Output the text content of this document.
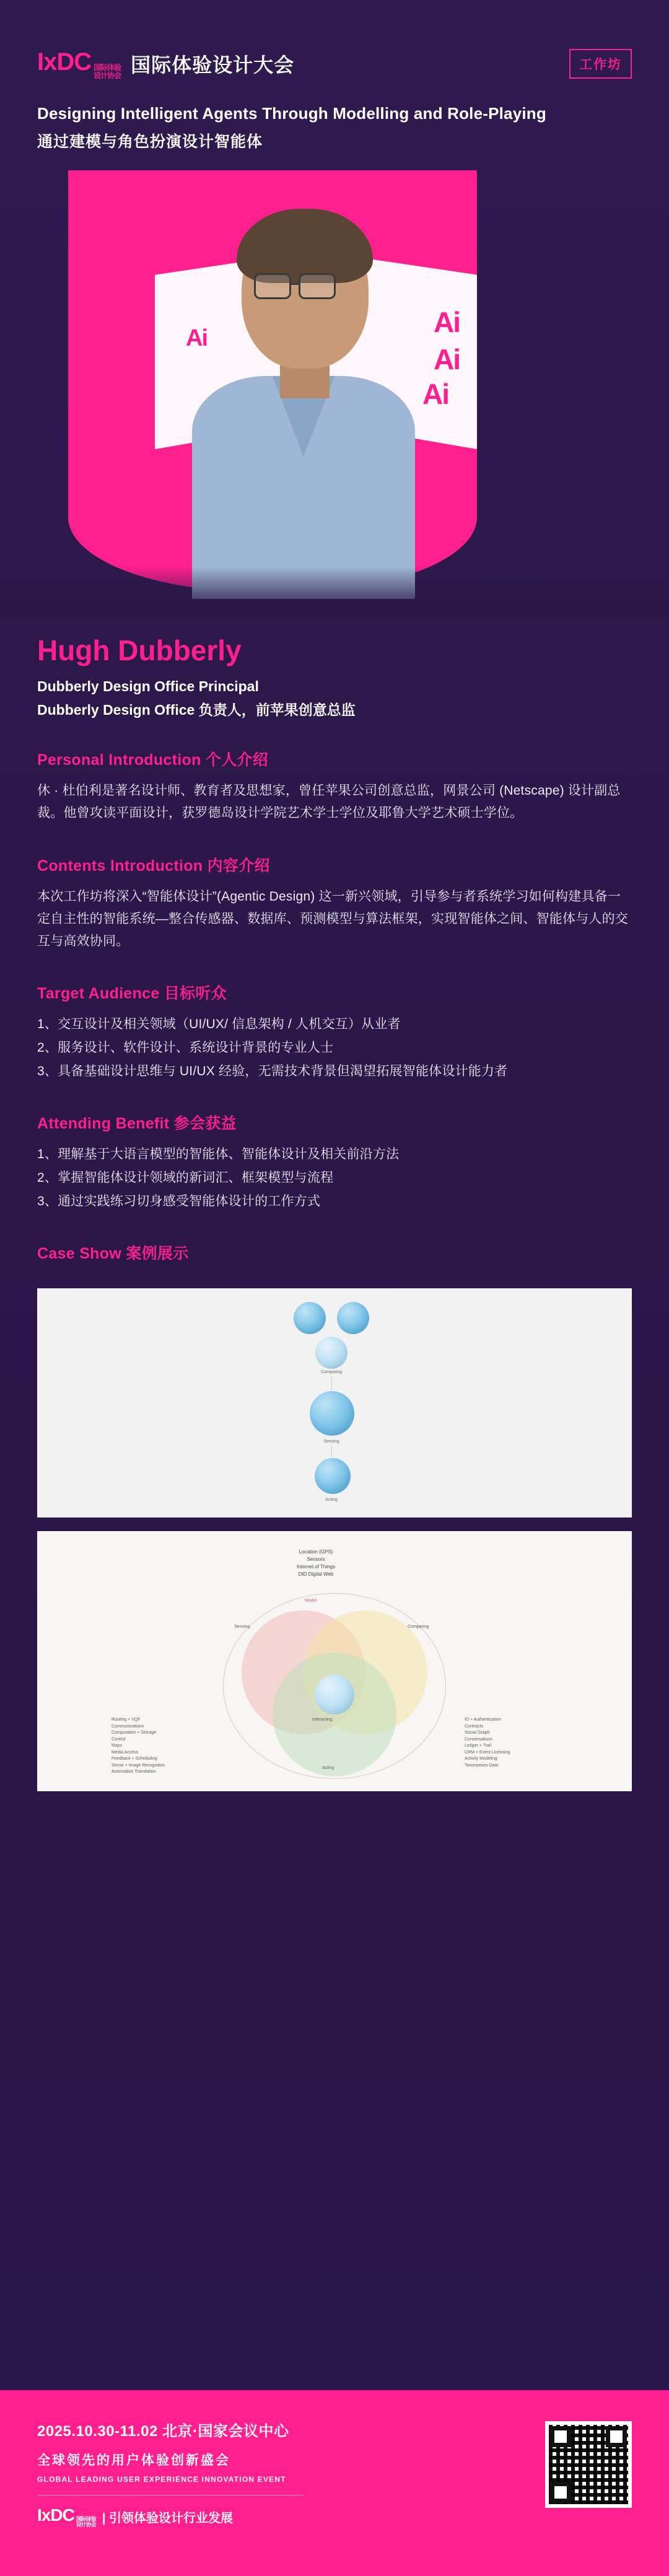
IxDC 国际体验
设计协会 国际体验设计大会	工作坊
Designing Intelligent Agents Through Modelling and Role-Playing
通过建模与角色扮演设计智能体
Ai	Ai
Ai
Ai
Hugh Dubberly
Dubberly Design Office Principal
Dubberly Design Office 负责人，前苹果创意总监
Personal Introduction 个人介绍

休 · 杜伯利是著名设计师、教育者及思想家，曾任苹果公司创意总监，网景公司 (Netscape) 设计副总裁。他曾攻读平面设计，获罗德岛设计学院艺术学士学位及耶鲁大学艺术硕士学位。

Contents Introduction 内容介绍

本次工作坊将深入“智能体设计”(Agentic Design) 这一新兴领域，引导参与者系统学习如何构建具备一定自主性的智能系统—整合传感器、数据库、预测模型与算法框架，实现智能体之间、智能体与人的交互与高效协同。

Target Audience 目标听众

1、交互设计及相关领域（UI/UX/ 信息架构 / 人机交互）从业者

2、服务设计、软件设计、系统设计背景的专业人士

3、具备基础设计思维与 UI/UX 经验，无需技术背景但渴望拓展智能体设计能力者

Attending Benefit 参会获益

1、理解基于大语言模型的智能体、智能体设计及相关前沿方法

2、掌握智能体设计领域的新词汇、框架模型与流程

3、通过实践练习切身感受智能体设计的工作方式

Case Show 案例展示
Comparing
Sensing
Acting
Location (GPS)
Sensors
Internet of Things
DID Digital Web
Model
Interacting
Routing + VQF
Communications
Computation + Storage
Control
Maps
Media Access
Feedback + Scheduling
Sense + Image Recognition
Automation Translation
ID + Authentication
Contracts
Social Graph
Conversations
Ledger + Trail
CRM + Event Licensing
Activity Modeling
Taxonomies Data
Sensing	Comparing
Acting
2025.10.30-11.02 北京·国家会议中心
全球领先的用户体验创新盛会
GLOBAL LEADING USER EXPERIENCE INNOVATION EVENT
IxDC 国际体验
设计协会 | 引领体验设计行业发展
